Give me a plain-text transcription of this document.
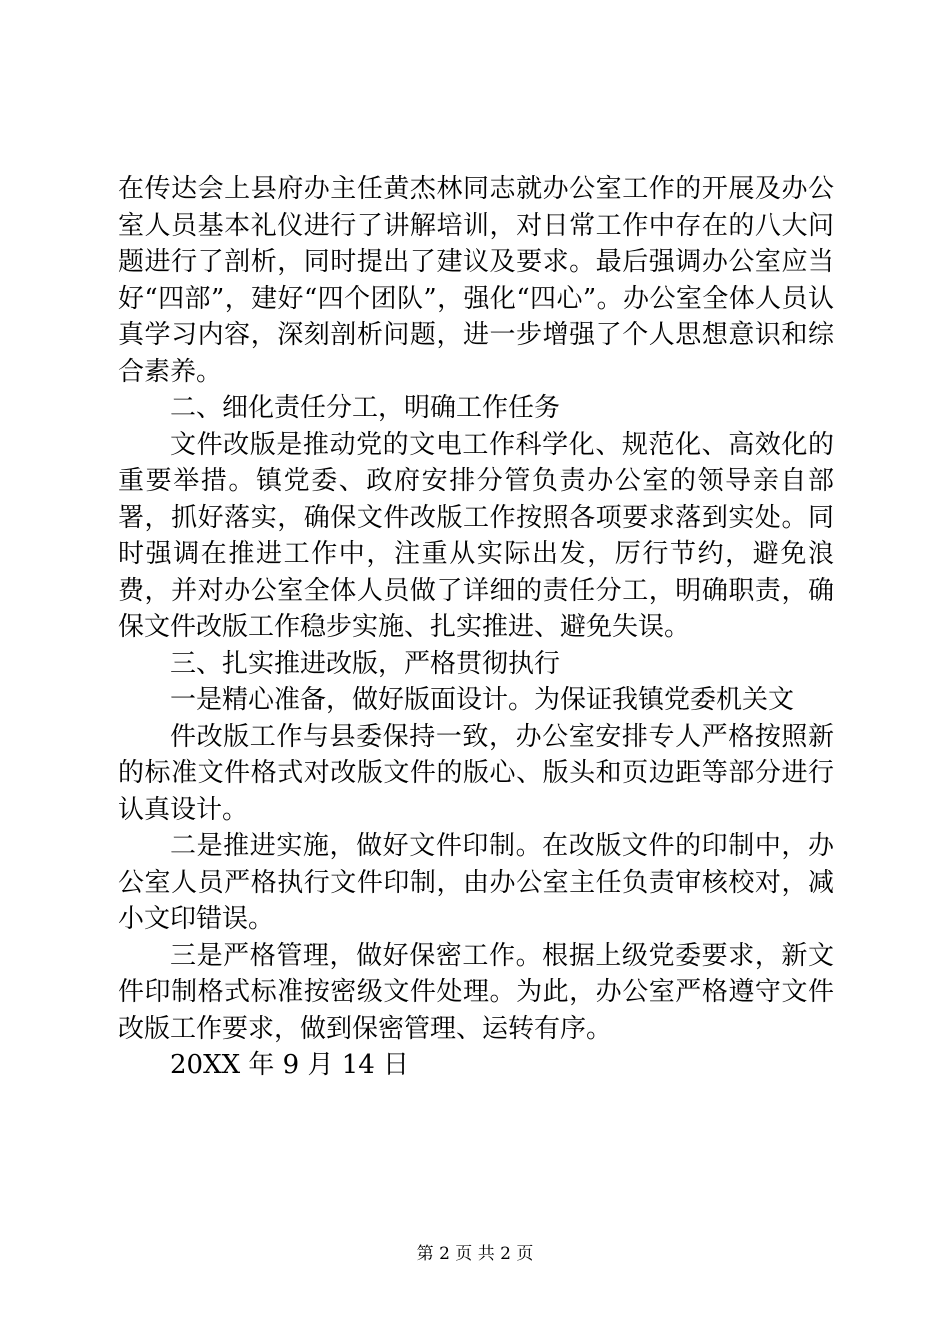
在传达会上县府办主任黄杰林同志就办公室工作的开展及办公室人员基本礼仪进行了讲解培训，对日常工作中存在的八大问题进行了剖析，同时提出了建议及要求。最后强调办公室应当好“四部”，建好“四个团队”，强化“四心”。办公室全体人员认真学习内容，深刻剖析问题，进一步增强了个人思想意识和综合素养。

二、细化责任分工，明确工作任务

文件改版是推动党的文电工作科学化、规范化、高效化的重要举措。镇党委、政府安排分管负责办公室的领导亲自部署，抓好落实，确保文件改版工作按照各项要求落到实处。同时强调在推进工作中，注重从实际出发，厉行节约，避免浪费，并对办公室全体人员做了详细的责任分工，明确职责，确保文件改版工作稳步实施、扎实推进、避免失误。

三、扎实推进改版，严格贯彻执行

一是精心准备，做好版面设计。为保证我镇党委机关文

件改版工作与县委保持一致，办公室安排专人严格按照新的标准文件格式对改版文件的版心、版头和页边距等部分进行认真设计。

二是推进实施，做好文件印制。在改版文件的印制中，办公室人员严格执行文件印制，由办公室主任负责审核校对，减小文印错误。

三是严格管理，做好保密工作。根据上级党委要求，新文件印制格式标准按密级文件处理。为此，办公室严格遵守文件改版工作要求，做到保密管理、运转有序。

20XX 年 9 月 14 日

第 2 页 共 2 页
